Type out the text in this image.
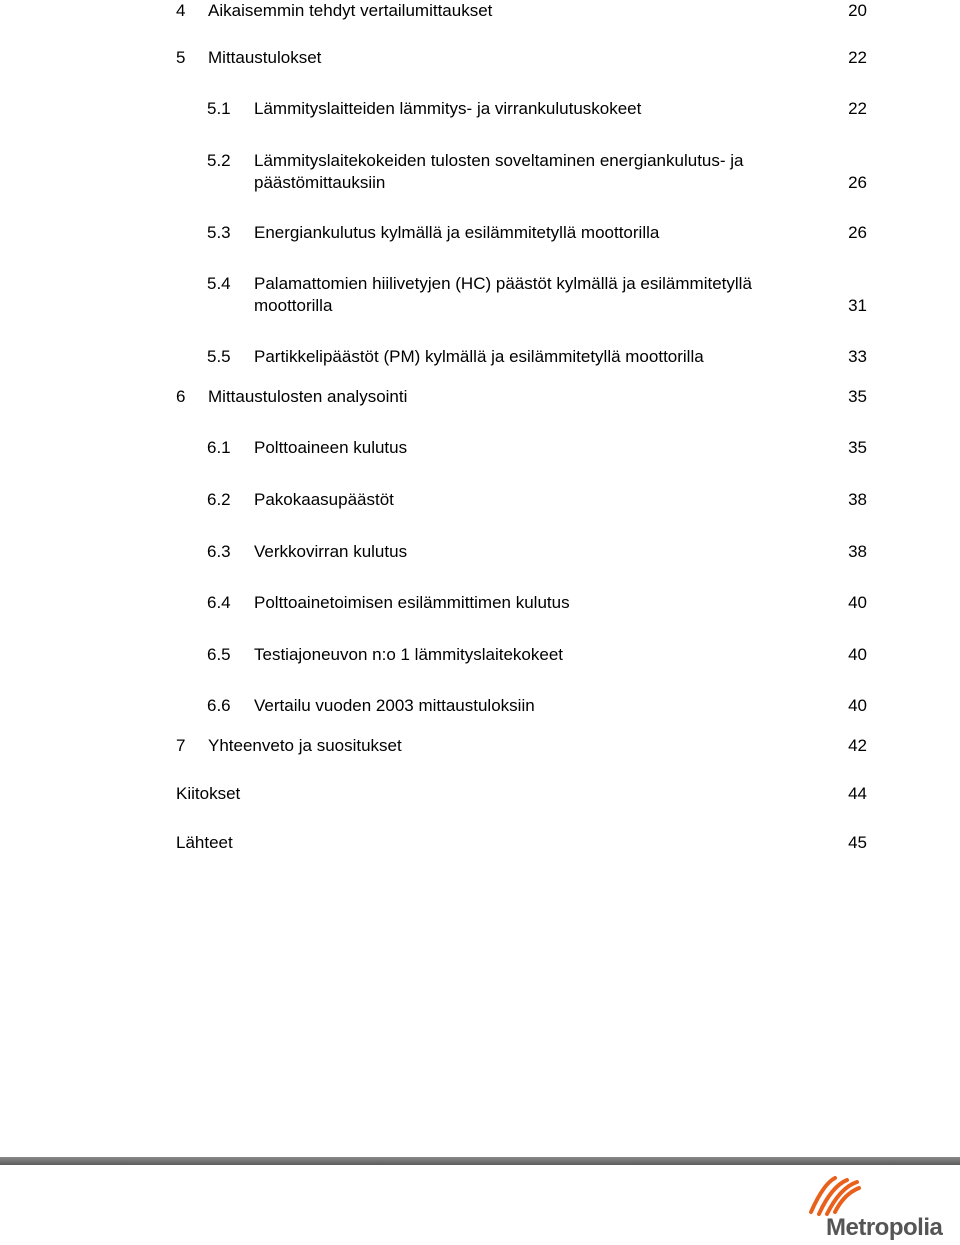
4 Aikaisemmin tehdyt vertailumittaukset	20
5 Mittaustulokset	22
5.1 Lämmityslaitteiden lämmitys- ja virrankulutuskokeet	22
5.2 Lämmityslaitekokeiden tulosten soveltaminen energiankulutus- ja päästömittauksiin	26
5.3 Energiankulutus kylmällä ja esilämmitetyllä moottorilla	26
5.4 Palamattomien hiilivetyjen (HC) päästöt kylmällä ja esilämmitetyllä moottorilla	31
5.5 Partikkelipäästöt (PM) kylmällä ja esilämmitetyllä moottorilla	33
6 Mittaustulosten analysointi	35
6.1 Polttoaineen kulutus	35
6.2 Pakokaasupäästöt	38
6.3 Verkkovirran kulutus	38
6.4 Polttoainetoimisen esilämmittimen kulutus	40
6.5 Testiajoneuvon n:o 1 lämmityslaitekokeet	40
6.6 Vertailu vuoden 2003 mittaustuloksiin	40
7 Yhteenveto ja suositukset	42
Kiitokset	44
Lähteet	45
Metropolia
